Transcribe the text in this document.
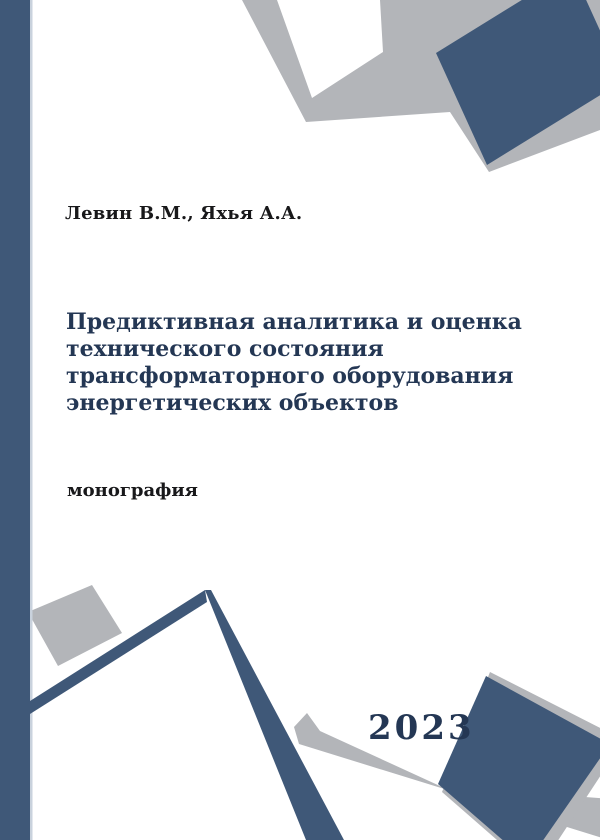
Левин В.М., Яхья А.А.
Предиктивная аналитика и оценка
технического состояния
трансформаторного оборудования
энергетических объектов
монография
2023
